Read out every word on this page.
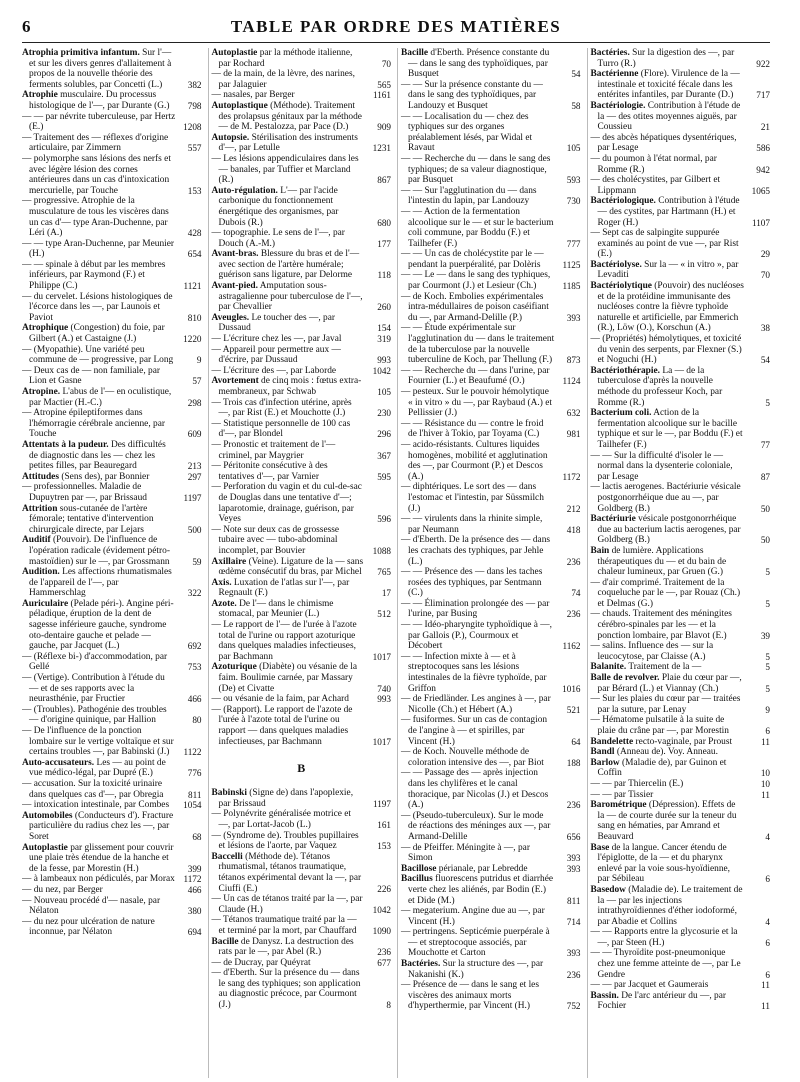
6	TABLE PAR ORDRE DES MATIÈRES

Atrophia primitiva infantum. Sur l'— et sur les divers genres d'allaitement à propos de la nouvelle théorie des ferments solubles, par Concetti (L.)	382

Atrophie musculaire. Du processus histologique de l'—, par Durante (G.)	798

— — par névrite tuberculeuse, par Hertz (E.)	1208

— Traitement des — réflexes d'origine articulaire, par Zimmern	557

— polymorphe sans lésions des nerfs et avec légère lésion des cornes antérieures dans un cas d'intoxication mercurielle, par Touche	153

— progressive. Atrophie de la musculature de tous les viscères dans un cas d'— type Aran-Duchenne, par Léri (A.)	428

— — type Aran-Duchenne, par Meunier (H.)	654

— — spinale à début par les membres inférieurs, par Raymond (F.) et Philippe (C.)	1121

— du cervelet. Lésions histologiques de l'écorce dans les —, par Launois et Paviot	810

Atrophique (Congestion) du foie, par Gilbert (A.) et Castaigne (J.)	1220

— (Myopathie). Une variété peu commune de — progressive, par Long	9

— Deux cas de — non familiale, par Lion et Gasne	57

Atropine. L'abus de l'— en oculistique, par Mactier (H.-C.)	298

— Atropine épileptiformes dans l'hémorragie cérébrale ancienne, par Touche	609

Attentats à la pudeur. Des difficultés de diagnostic dans les — chez les petites filles, par Beauregard	213

Attitudes (Sens des), par Bonnier	297

— professionnelles. Maladie de Dupuytren par —, par Brissaud	1197

Attrition sous-cutanée de l'artère fémorale; tentative d'intervention chirurgicale directe, par Lejars	500

Auditif (Pouvoir). De l'influence de l'opération radicale (évidement pétro-mastoïdien) sur le —, par Grossmann	59

Audition. Les affections rhumatismales de l'appareil de l'—, par Hammerschlag	322

Auriculaire (Pelade péri-). Angine péri-péladique, éruption de la dent de sagesse inférieure gauche, syndrome oto-dentaire gauche et pelade — gauche, par Jacquet (L.)	692

— (Réflexe bi-) d'accommodation, par Gellé	753

— (Vertige). Contribution à l'étude du — et de ses rapports avec la neurasthénie, par Fructier	466

— (Troubles). Pathogénie des troubles — d'origine quinique, par Hallion	80

— De l'influence de la ponction lombaire sur le vertige voltaïque et sur certains troubles —, par Babinski (J.)	1122

Auto-accusateurs. Les — au point de vue médico-légal, par Dupré (E.)	776

— accusation. Sur la toxicité urinaire dans quelques cas d'—, par Obregia	811

— intoxication intestinale, par Combes	1054

Automobiles (Conducteurs d'). Fracture particulière du radius chez les —, par Soret	68

Autoplastie par glissement pour couvrir une plaie très étendue de la hanche et de la fesse, par Morestin (H.)	399

— à lambeaux non pédiculés, par Morax 1172

— du nez, par Berger	466

— Nouveau procédé d'— nasale, par Nélaton	380

— du nez pour ulcération de nature inconnue, par Nélaton	694

Autoplastie par la méthode italienne, par Rochard	70

— de la main, de la lèvre, des narines, par Jalaguier	565

— nasales, par Berger	1161

Autoplastique (Méthode). Traitement des prolapsus génitaux par la méthode — de M. Pestalozza, par Pace (D.)	909

Autopsie. Stérilisation des instruments d'—, par Letulle	1231

— Les lésions appendiculaires dans les — banales, par Tuffier et Marcland (R.)	867

Auto-régulation. L'— par l'acide carbonique du fonctionnement énergétique des organismes, par Dubois (R.)	680

— topographie. Le sens de l'—, par Douch (A.-M.)	177

Avant-bras. Blessure du bras et de l'— avec section de l'artère humérale; guérison sans ligature, par Delorme	118

Avant-pied. Amputation sous-astragalienne pour tuberculose de l'—, par Chevallier	260

Aveugles. Le toucher des —, par Dussaud	154

— L'écriture chez les —, par Javal	319

— Appareil pour permettre aux — d'écrire, par Dussaud	993

— L'écriture des —, par Laborde	1042

Avortement de cinq mois : fœtus extra-membraneux, par Schwab	105

— Trois cas d'infection utérine, après —, par Rist (E.) et Mouchotte (J.)	230

— Statistique personnelle de 100 cas d'—, par Blondel	296

— Pronostic et traitement de l'— criminel, par Maygrier	367

— Péritonite consécutive à des tentatives d'—, par Varnier	595

— Perforation du vagin et du cul-de-sac de Douglas dans une tentative d'—; laparotomie, drainage, guérison, par Veyes	596

— Note sur deux cas de grossesse tubaire avec — tubo-abdominal incomplet, par Bouvier	1088

Axillaire (Veine). Ligature de la — sans œdème consécutif du bras, par Michel	765

Axis. Luxation de l'atlas sur l'—, par Regnault (F.)	17

Azote. De l'— dans le chimisme stomacal, par Meunier (L.)	512

— Le rapport de l'— de l'urée à l'azote total de l'urine ou rapport azoturique dans quelques maladies infectieuses, par Bachmann	1017

Azoturique (Diabète) ou vésanie de la faim. Boulimie carnée, par Massary (De) et Civatte	740

— ou vésanie de la faim, par Achard	993

— (Rapport). Le rapport de l'azote de l'urée à l'azote total de l'urine ou rapport — dans quelques maladies infectieuses, par Bachmann	1017

B

Babinski (Signe de) dans l'apoplexie, par Brissaud	1197

— Polynévrite généralisée motrice et —, par Lortat-Jacob (L.)	161

— (Syndrome de). Troubles pupillaires et lésions de l'aorte, par Vaquez	153

Baccelli (Méthode de). Tétanos rhumatismal, tétanos traumatique, tétanos expérimental devant la —, par Ciuffi (E.)	226

— Un cas de tétanos traité par la —, par Claude (H.)	1042

— Tétanos traumatique traité par la — et terminé par la mort, par Chauffard	1090

Bacille de Danysz. La destruction des rats par le —, par Abel (R.)	236

— de Ducray, par Quéyrat	677

— d'Eberth. Sur la présence du — dans le sang des typhiques; son application au diagnostic précoce, par Courmont (J.)	8

Bacille d'Eberth. Présence constante du — dans le sang des typhoïdiques, par Busquet	54

— — Sur la présence constante du — dans le sang des typhoïdiques, par Landouzy et Busquet	58

— — Localisation du — chez des typhiques sur des organes préalablement lésés, par Widal et Ravaut	105

— — Recherche du — dans le sang des typhiques; de sa valeur diagnostique, par Busquet	593

— — Sur l'agglutination du — dans l'intestin du lapin, par Landouzy	730

— — Action de la fermentation alcoolique sur le — et sur le bacterium coli commune, par Boddu (F.) et Tailhefer (F.)	777

— — Un cas de cholécystite par le — pendant la puerpéralité, par Dolèris	1125

— — Le — dans le sang des typhiques, par Courmont (J.) et Lesieur (Ch.)	1185

— de Koch. Embolies expérimentales intra-médullaires de poison caséifiant du —, par Armand-Delille (P.)	393

— — Étude expérimentale sur l'agglutination du — dans le traitement de la tuberculose par la nouvelle tuberculine de Koch, par Thellung (F.)	873

— — Recherche du — dans l'urine, par Fournier (L.) et Beaufumé (O.)	1124

— pesteux. Sur le pouvoir hémolytique « in vitro » du —, par Raybaud (A.) et Pellissier (J.)	632

— — Résistance du — contre le froid de l'hiver à Tokio, par Toyama (C.)	981

— acido-résistants. Cultures liquides homogènes, mobilité et agglutination des —, par Courmont (P.) et Descos (A.)	1172

— diphtériques. Le sort des — dans l'estomac et l'intestin, par Süssmilch (J.)	212

— — virulents dans la rhinite simple, par Neumann	418

— d'Eberth. De la présence des — dans les crachats des typhiques, par Jehle (L.)	236

— — Présence des — dans les taches rosées des typhiques, par Sentmann (C.)	74

— — Élimination prolongée des — par l'urine, par Busing	236

— — Idéo-pharyngite typhoïdique à —, par Gallois (P.), Courmoux et Décobert	1162

— — Infection mixte à — et à streptocoques sans les lésions intestinales de la fièvre typhoïde, par Griffon	1016

— de Friedländer. Les angines à —, par Nicolle (Ch.) et Hébert (A.)	521

— fusiformes. Sur un cas de contagion de l'angine à — et spirilles, par Vincent (H.)	64

— de Koch. Nouvelle méthode de coloration intensive des —, par Biot	188

— — Passage des — après injection dans les chylifères et le canal thoracique, par Nicolas (J.) et Descos (A.)	236

— (Pseudo-tuberculeux). Sur le mode de réactions des méninges aux —, par Armand-Delille	656

— de Pfeiffer. Méningite à —, par Simon	393

Bacillose périanale, par Lebredde	393

Bacillus fluorescens putridus et diarrhée verte chez les aliénés, par Bodin (E.) et Dide (M.)	811

— megaterium. Angine due au —, par Vincent (H.)	714

— pertringens. Septicémie puerpérale à — et streptocoque associés, par Mouchotte et Carton	393

Bactéries. Sur la structure des —, par Nakanishi (K.)	236

— Présence de — dans le sang et les viscères des animaux morts d'hyperthermie, par Vincent (H.)	752

Bactéries. Sur la digestion des —, par Turro (R.)	922

Bactérienne (Flore). Virulence de la — intestinale et toxicité fécale dans les entérites infantiles, par Durante (D.)	717

Bactériologie. Contribution à l'étude de la — des otites moyennes aiguës, par Coussieu	21

— des abcès hépatiques dysentériques, par Lesage	586

— du poumon à l'état normal, par Romme (R.)	942

— des cholécystites, par Gilbert et Lippmann	1065

Bactériologique. Contribution à l'étude — des cystites, par Hartmann (H.) et Roger (H.)	1107

— Sept cas de salpingite suppurée examinés au point de vue —, par Rist (E.)	29

Bactériolyse. Sur la — « in vitro », par Levaditi	70

Bactériolytique (Pouvoir) des nucléoses et de la protéidine immunisante des nucléoses contre la fièvre typhoïde naturelle et artificielle, par Emmerich (R.), Löw (O.), Korschun (A.)	38

— (Propriétés) hémolytiques, et toxicité du venin des serpents, par Flexner (S.) et Noguchi (H.)	54

Bactériothérapie. La — de la tuberculose d'après la nouvelle méthode du professeur Koch, par Romme (R.)	5

Bacterium coli. Action de la fermentation alcoolique sur le bacille typhique et sur le —, par Boddu (F.) et Tailhefer (F.)	77

— — Sur la difficulté d'isoler le — normal dans la dysenterie coloniale, par Lesage	87

— lactis aerogenes. Bactériurie vésicale postgonorrhéique due au —, par Goldberg (B.)	50

Bactériurie vésicale postgonorrhéique due au bacterium lactis aerogenes, par Goldberg (B.)	50

Bain de lumière. Applications thérapeutiques du — et du bain de chaleur lumineux, par Gruen (G.)	5

— d'air comprimé. Traitement de la coqueluche par le —, par Rouaz (Ch.) et Delmas (G.)	5

— chauds. Traitement des méningites cérébro-spinales par les — et la ponction lombaire, par Blavot (E.)	39

— salins. Influence des — sur la leucocytose, par Claisse (A.)	5

Balanite. Traitement de la —	5

Balle de revolver. Plaie du cœur par —, par Bérard (L.) et Viannay (Ch.)	5

— Sur les plaies du cœur par — traitées par la suture, par Lenay	9

— Hématome pulsatile à la suite de plaie du crâne par —, par Morestin	6

Bandelette recto-vaginale, par Proust	11

Bandl (Anneau de). Voy. Anneau.

Barlow (Maladie de), par Guinon et Coffin	10

— — par Thiercelin (E.)	10

— — par Tissier	11

Barométrique (Dépression). Effets de la — de courte durée sur la teneur du sang en hématies, par Amrand et Beauvard	4

Base de la langue. Cancer étendu de l'épiglotte, de la — et du pharynx enlevé par la voie sous-hyoïdienne, par Sébileau	6

Basedow (Maladie de). Le traitement de la — par les injections intrathyroïdiennes d'éther iodoformé, par Abadie et Collins	4

— — Rapports entre la glycosurie et la —, par Steen (H.)	6

— — Thyroïdite post-pneumonique chez une femme atteinte de —, par Le Gendre	6

— — par Jacquet et Gaumerais	11

Bassin. De l'arc antérieur du —, par Fochier	11
